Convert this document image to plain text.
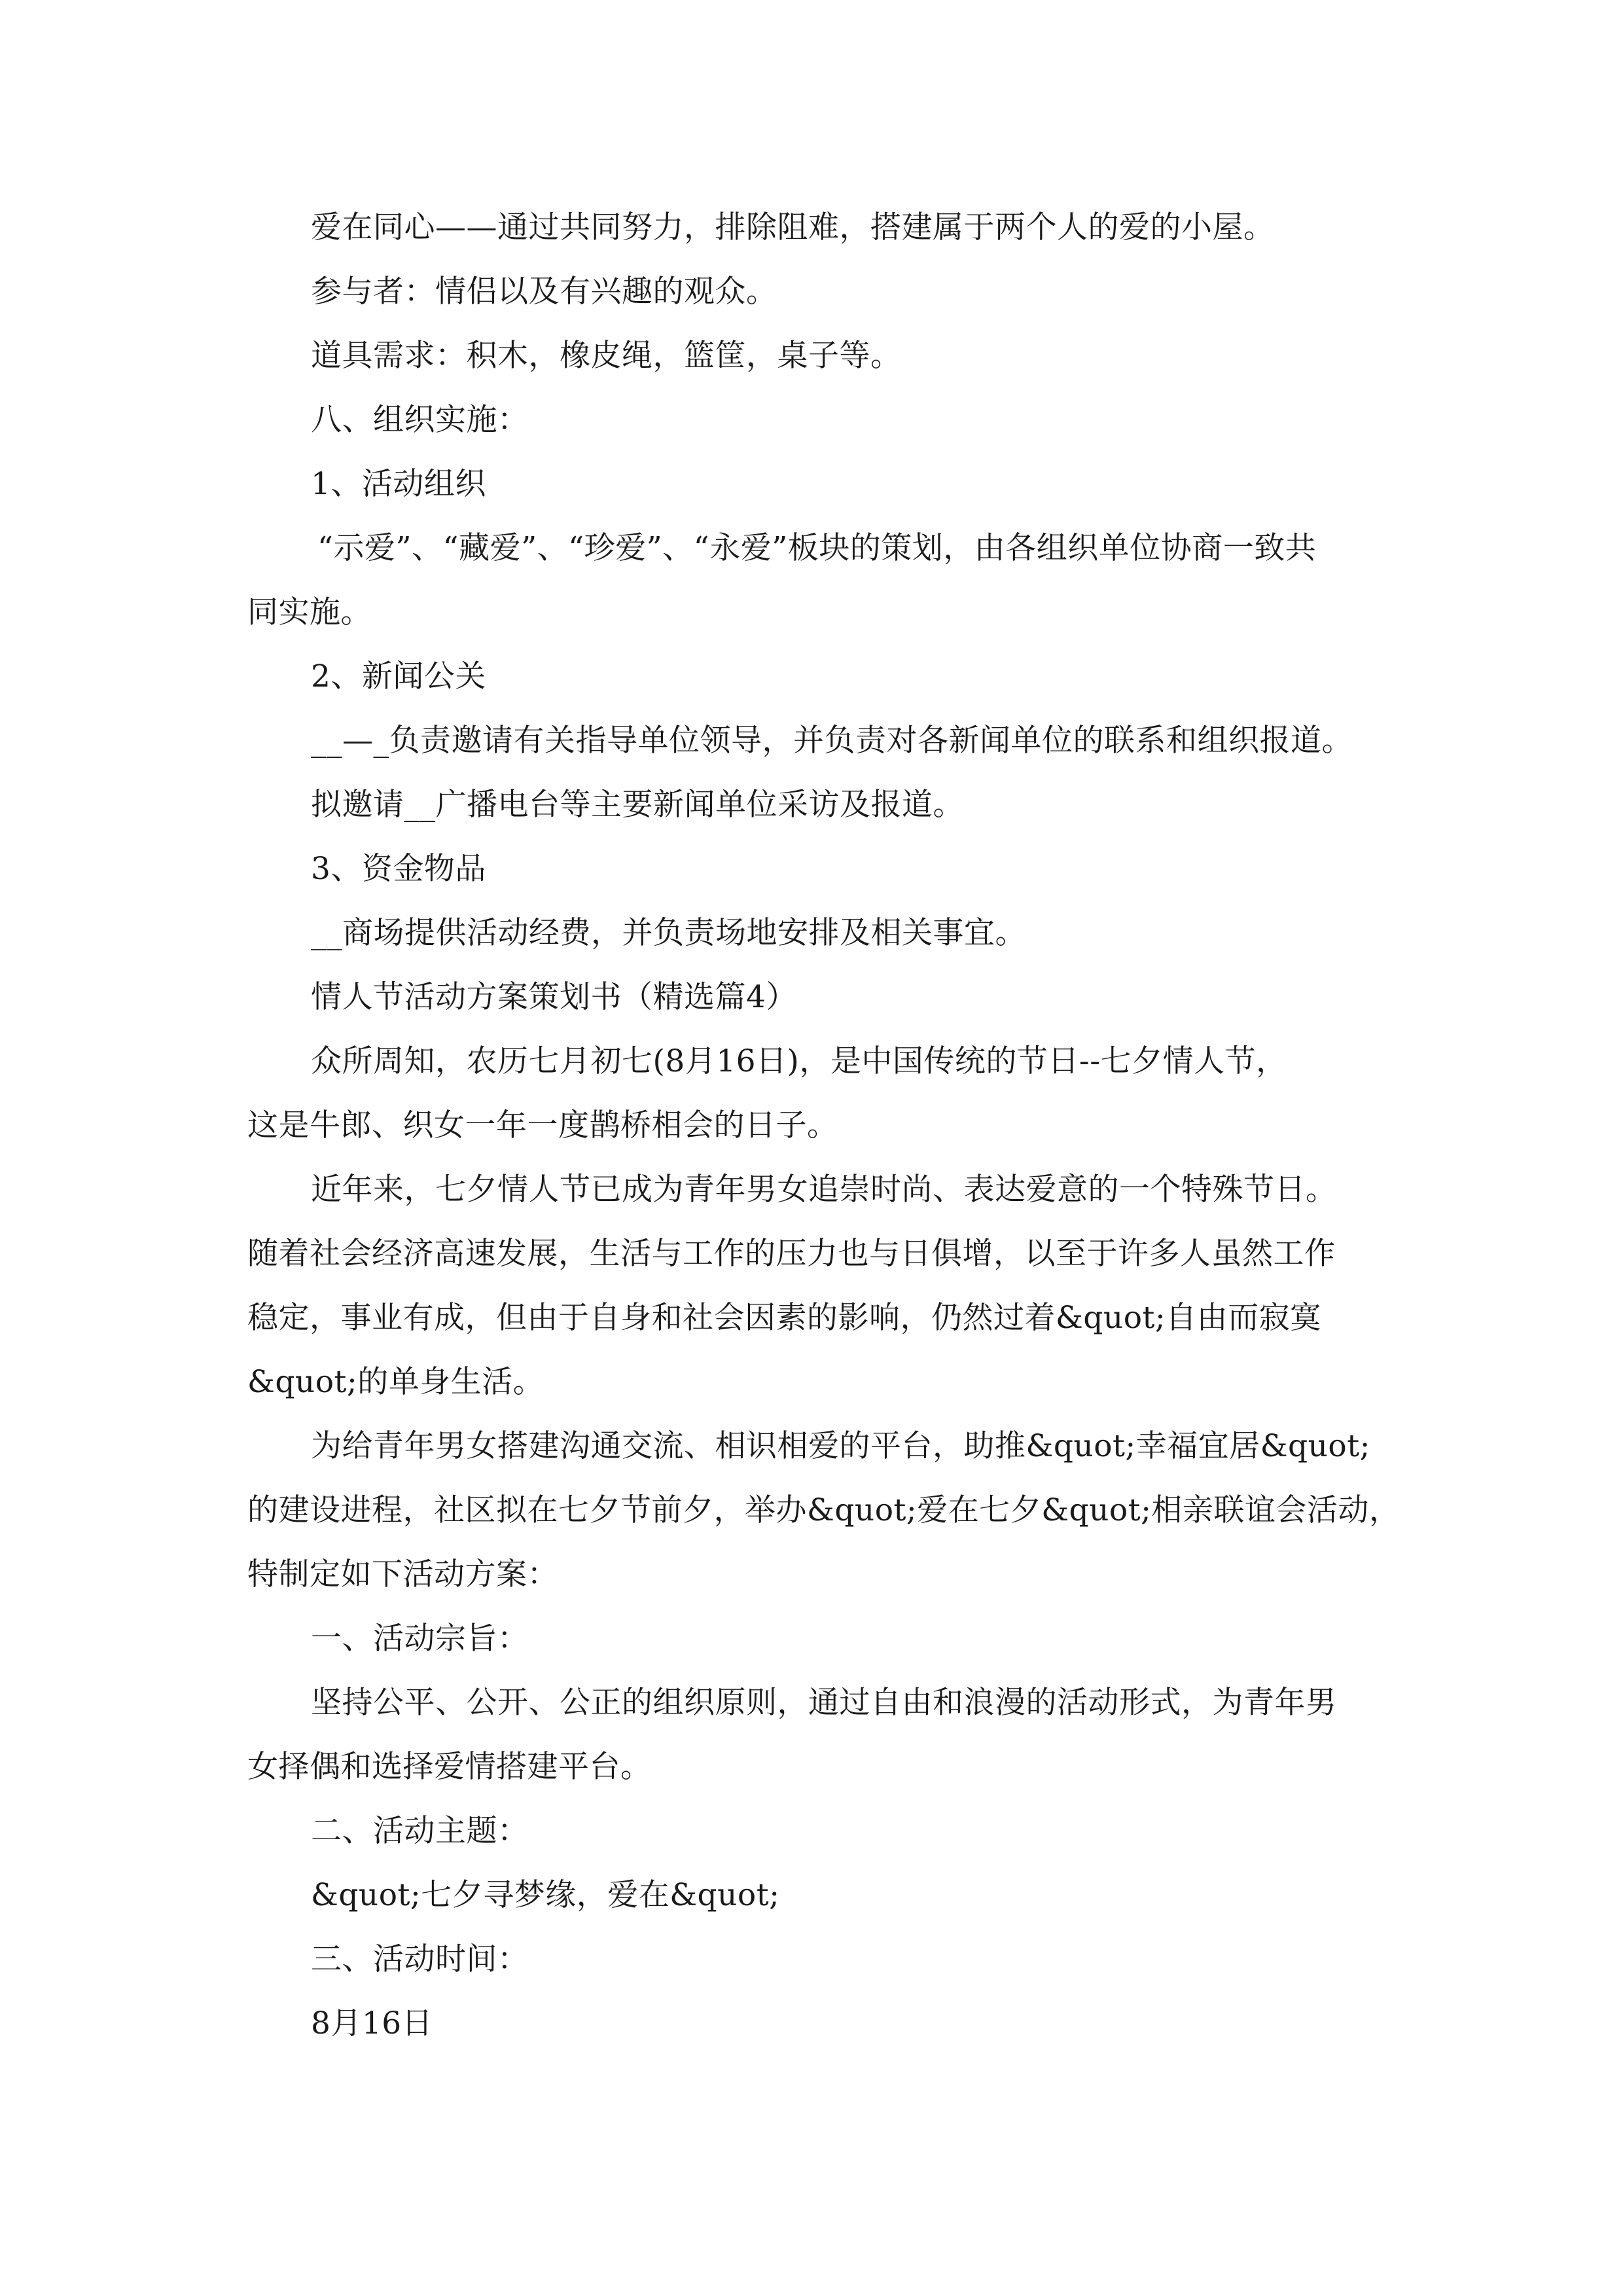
爱在同心——通过共同努力，排除阻难，搭建属于两个人的爱的小屋。
参与者：情侣以及有兴趣的观众。
道具需求：积木，橡皮绳，篮筐，桌子等。
八、组织实施：
1、活动组织
“示爱”、“藏爱”、“珍爱”、“永爱”板块的策划，由各组织单位协商一致共
同实施。
2、新闻公关
__—_负责邀请有关指导单位领导，并负责对各新闻单位的联系和组织报道。
拟邀请__广播电台等主要新闻单位采访及报道。
3、资金物品
__商场提供活动经费，并负责场地安排及相关事宜。
情人节活动方案策划书（精选篇4）
众所周知，农历七月初七(8月16日)，是中国传统的节日--七夕情人节，
这是牛郎、织女一年一度鹊桥相会的日子。
近年来，七夕情人节已成为青年男女追崇时尚、表达爱意的一个特殊节日。
随着社会经济高速发展，生活与工作的压力也与日俱增，以至于许多人虽然工作
稳定，事业有成，但由于自身和社会因素的影响，仍然过着&quot;自由而寂寞
&quot;的单身生活。
为给青年男女搭建沟通交流、相识相爱的平台，助推&quot;幸福宜居&quot;
的建设进程，社区拟在七夕节前夕，举办&quot;爱在七夕&quot;相亲联谊会活动，
特制定如下活动方案：
一、活动宗旨：
坚持公平、公开、公正的组织原则，通过自由和浪漫的活动形式，为青年男
女择偶和选择爱情搭建平台。
二、活动主题：
&quot;七夕寻梦缘，爱在&quot;
三、活动时间：
8月16日
